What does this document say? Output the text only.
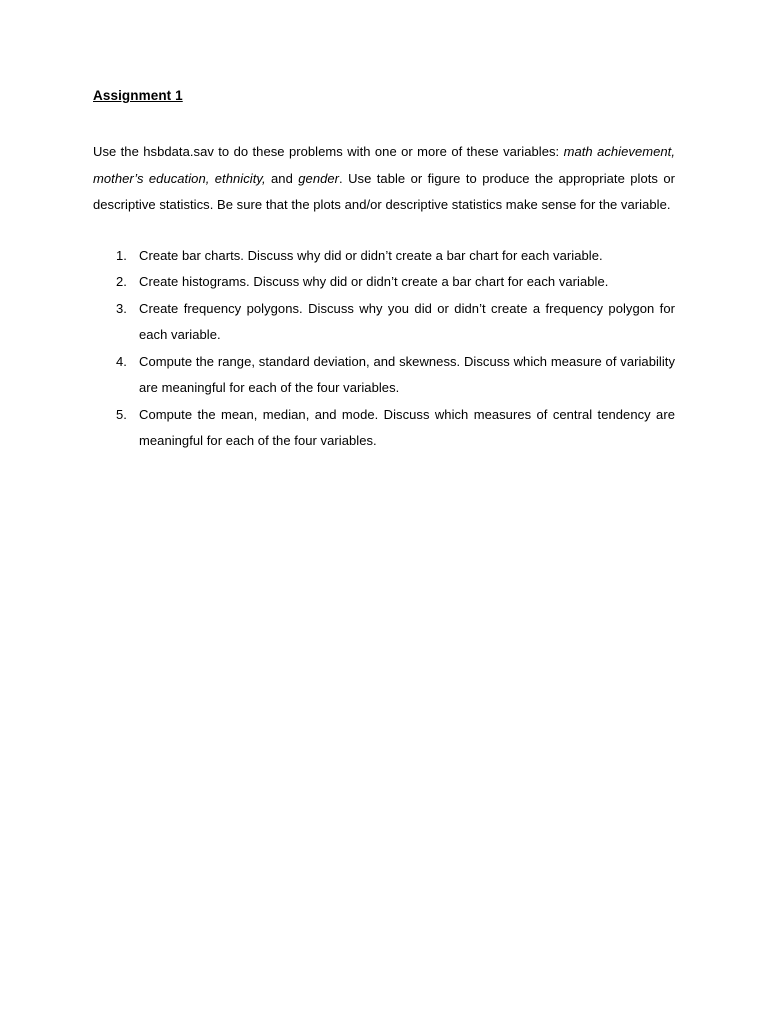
Assignment 1

Use the hsbdata.sav to do these problems with one or more of these variables: math achievement, mother’s education, ethnicity, and gender. Use table or figure to produce the appropriate plots or descriptive statistics. Be sure that the plots and/or descriptive statistics make sense for the variable.

1. Create bar charts. Discuss why did or didn’t create a bar chart for each variable.
2. Create histograms. Discuss why did or didn’t create a bar chart for each variable.
3. Create frequency polygons. Discuss why you did or didn’t create a frequency polygon for each variable.
4. Compute the range, standard deviation, and skewness. Discuss which measure of variability are meaningful for each of the four variables.
5. Compute the mean, median, and mode. Discuss which measures of central tendency are meaningful for each of the four variables.
